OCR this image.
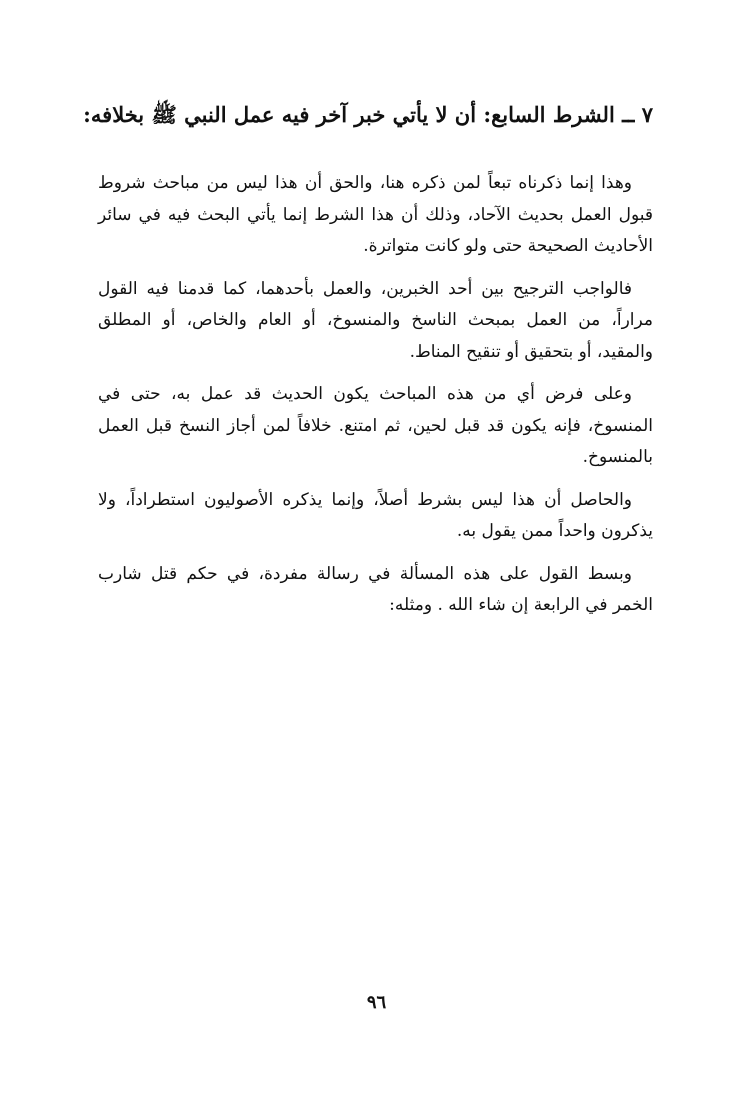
٧ ــ الشرط السابع: أن لا يأتي خبر آخر فيه عمل النبي ﷺ بخلافه:

وهذا إنما ذكرناه تبعاً لمن ذكره هنا، والحق أن هذا ليس من مباحث شروط قبول العمل بحديث الآحاد، وذلك أن هذا الشرط إنما يأتي البحث فيه في سائر الأحاديث الصحيحة حتى ولو كانت متواترة.

فالواجب الترجيح بين أحد الخبرين، والعمل بأحدهما، كما قدمنا فيه القول مراراً، من العمل بمبحث الناسخ والمنسوخ، أو العام والخاص، أو المطلق والمقيد، أو بتحقيق أو تنقيح المناط.

وعلى فرض أي من هذه المباحث يكون الحديث قد عمل به، حتى في المنسوخ، فإنه يكون قد قبل لحين، ثم امتنع. خلافاً لمن أجاز النسخ قبل العمل بالمنسوخ.

والحاصل أن هذا ليس بشرط أصلاً، وإنما يذكره الأصوليون استطراداً، ولا يذكرون واحداً ممن يقول به.

وبسط القول على هذه المسألة في رسالة مفردة، في حكم قتل شارب الخمر في الرابعة إن شاء الله . ومثله:

٩٦
